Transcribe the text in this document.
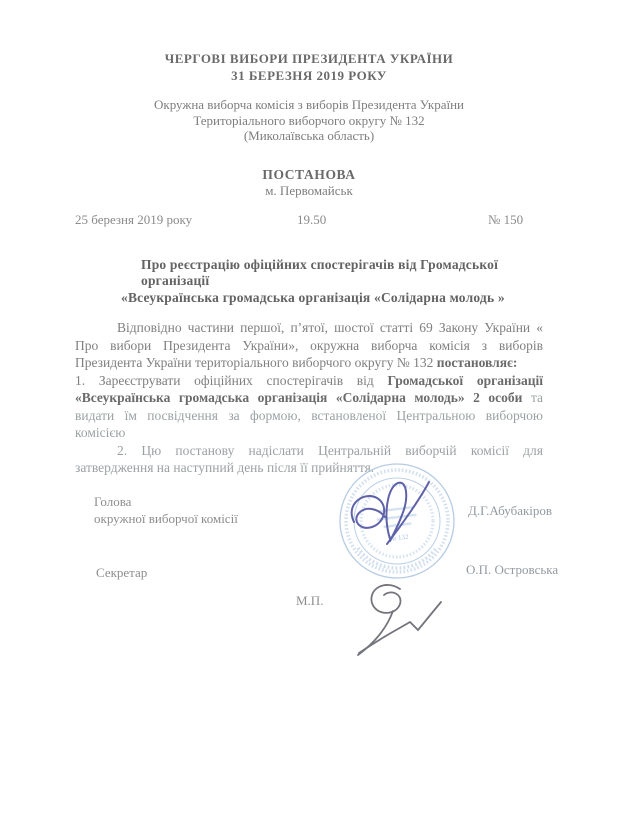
ЧЕРГОВІ ВИБОРИ ПРЕЗИДЕНТА УКРАЇНИ
31 БЕРЕЗНЯ 2019 РОКУ
Окружна виборча комісія з виборів Президента України
Територіального виборчого округу № 132
(Миколаївська область)
ПОСТАНОВА
м. Первомайськ
25 березня 2019 року	19.50	№ 150
Про реєстрацію офіційних спостерігачів від Громадської організації
«Всеукраїнська громадська організація «Солідарна молодь »

Відповідно частини першої, п’ятої, шостої статті 69 Закону України « Про вибори Президента України», окружна виборча комісія з виборів Президента України територіального виборчого округу № 132 постановляє:

1. Зареєструвати офіційних спостерігачів від Громадської організації «Всеукраїнська громадська організація «Солідарна молодь» 2 особи та видати їм посвідчення за формою, встановленої Центральною виборчою комісією

2. Цю постанову надіслати Центральній виборчій комісії для затвердження на наступний день після її прийняття.

Голова
окружної виборчої комісії	Д.Г.Абубакіров
Секретар	О.П. Островська
М.П.
№ 132
